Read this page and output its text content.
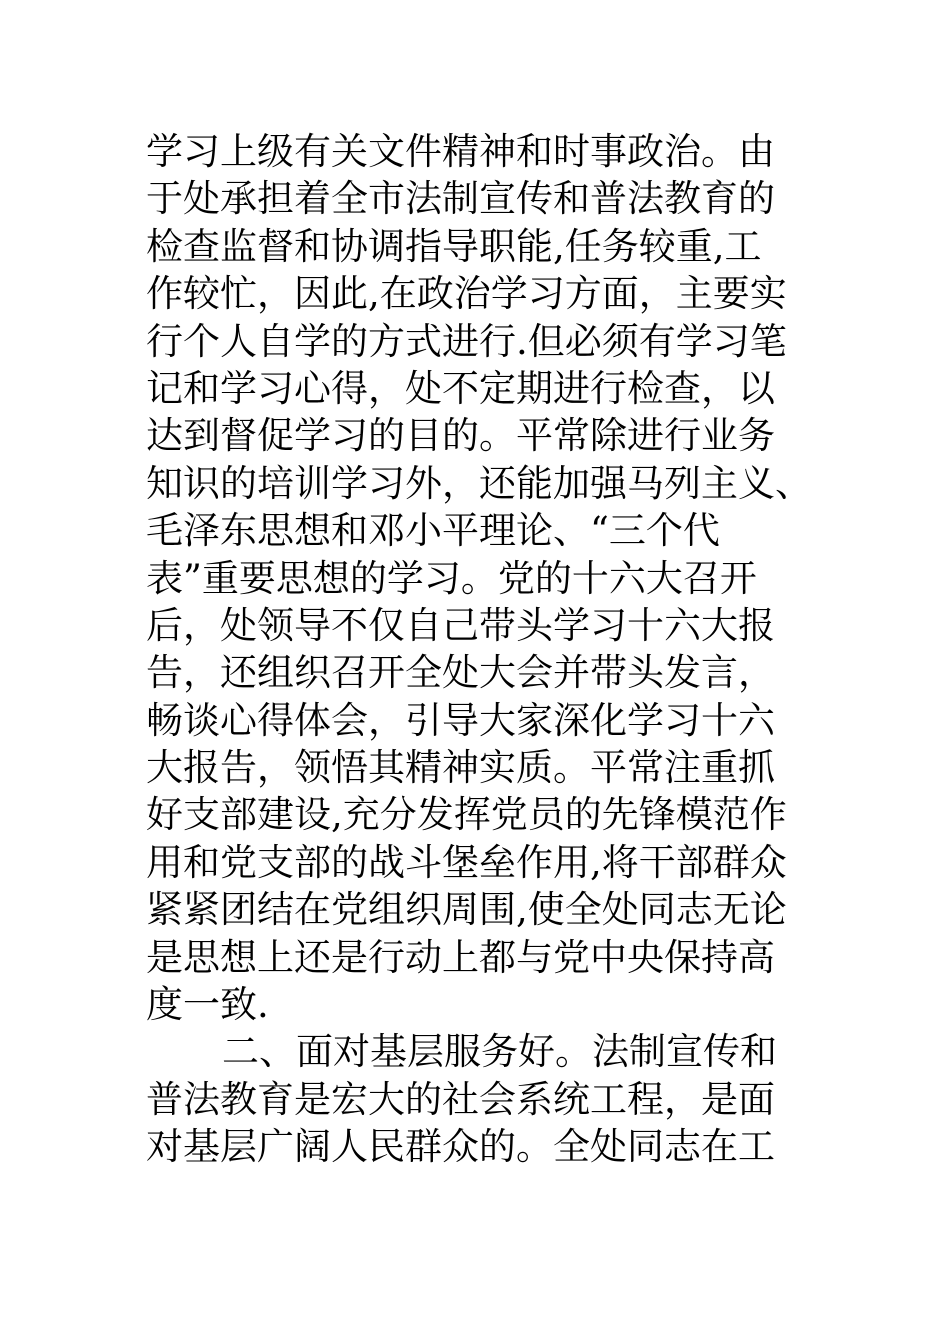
学习上级有关文件精神和时事政治。由
于处承担着全市法制宣传和普法教育的
检查监督和协调指导职能,任务较重,工
作较忙，因此,在政治学习方面，主要实
行个人自学的方式进行.但必须有学习笔
记和学习心得，处不定期进行检查，以
达到督促学习的目的。平常除进行业务
知识的培训学习外，还能加强马列主义、
毛泽东思想和邓小平理论、“三个代
表”重要思想的学习。党的十六大召开
后，处领导不仅自己带头学习十六大报
告，还组织召开全处大会并带头发言，
畅谈心得体会，引导大家深化学习十六
大报告，领悟其精神实质。平常注重抓
好支部建设,充分发挥党员的先锋模范作
用和党支部的战斗堡垒作用,将干部群众
紧紧团结在党组织周围,使全处同志无论
是思想上还是行动上都与党中央保持高
度一致.
二、面对基层服务好。法制宣传和
普法教育是宏大的社会系统工程，是面
对基层广阔人民群众的。全处同志在工
